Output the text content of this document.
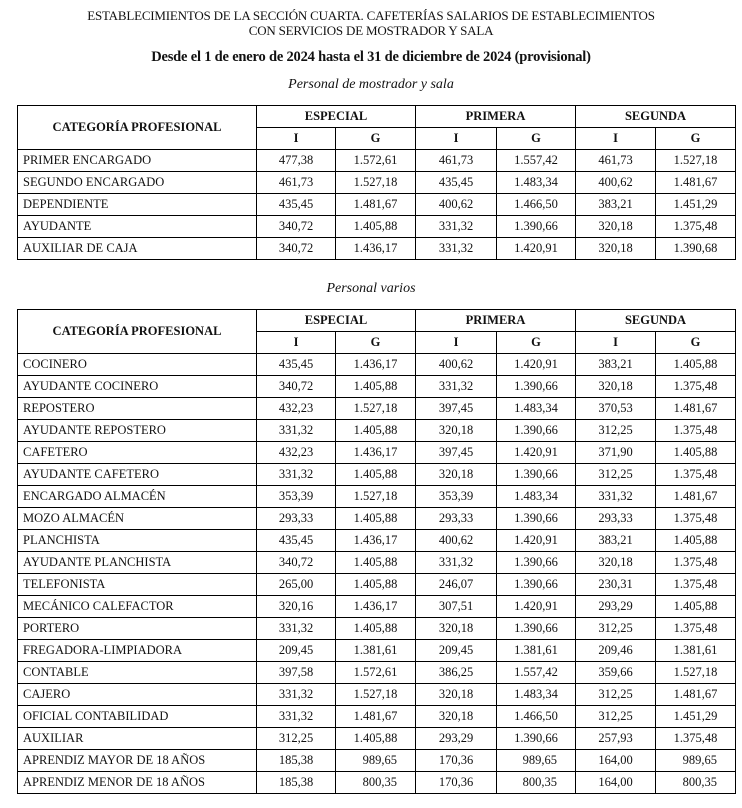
ESTABLECIMIENTOS DE LA SECCIÓN CUARTA. CAFETERÍAS SALARIOS DE ESTABLECIMIENTOS
CON SERVICIOS DE MOSTRADOR Y SALA
Desde el 1 de enero de 2024 hasta el 31 de diciembre de 2024 (provisional)
Personal de mostrador y sala
CATEGORÍA PROFESIONAL	ESPECIAL		PRIMERA		SEGUNDA	
	I	G	I	G	I	G
PRIMER ENCARGADO	477,38	1.572,61	461,73	1.557,42	461,73	1.527,18
SEGUNDO ENCARGADO	461,73	1.527,18	435,45	1.483,34	400,62	1.481,67
DEPENDIENTE	435,45	1.481,67	400,62	1.466,50	383,21	1.451,29
AYUDANTE	340,72	1.405,88	331,32	1.390,66	320,18	1.375,48
AUXILIAR DE CAJA	340,72	1.436,17	331,32	1.420,91	320,18	1.390,68
Personal varios
CATEGORÍA PROFESIONAL	ESPECIAL		PRIMERA		SEGUNDA	
	I	G	I	G	I	G
COCINERO	435,45	1.436,17	400,62	1.420,91	383,21	1.405,88
AYUDANTE COCINERO	340,72	1.405,88	331,32	1.390,66	320,18	1.375,48
REPOSTERO	432,23	1.527,18	397,45	1.483,34	370,53	1.481,67
AYUDANTE REPOSTERO	331,32	1.405,88	320,18	1.390,66	312,25	1.375,48
CAFETERO	432,23	1.436,17	397,45	1.420,91	371,90	1.405,88
AYUDANTE CAFETERO	331,32	1.405,88	320,18	1.390,66	312,25	1.375,48
ENCARGADO ALMACÉN	353,39	1.527,18	353,39	1.483,34	331,32	1.481,67
MOZO ALMACÉN	293,33	1.405,88	293,33	1.390,66	293,33	1.375,48
PLANCHISTA	435,45	1.436,17	400,62	1.420,91	383,21	1.405,88
AYUDANTE PLANCHISTA	340,72	1.405,88	331,32	1.390,66	320,18	1.375,48
TELEFONISTA	265,00	1.405,88	246,07	1.390,66	230,31	1.375,48
MECÁNICO CALEFACTOR	320,16	1.436,17	307,51	1.420,91	293,29	1.405,88
PORTERO	331,32	1.405,88	320,18	1.390,66	312,25	1.375,48
FREGADORA-LIMPIADORA	209,45	1.381,61	209,45	1.381,61	209,46	1.381,61
CONTABLE	397,58	1.572,61	386,25	1.557,42	359,66	1.527,18
CAJERO	331,32	1.527,18	320,18	1.483,34	312,25	1.481,67
OFICIAL CONTABILIDAD	331,32	1.481,67	320,18	1.466,50	312,25	1.451,29
AUXILIAR	312,25	1.405,88	293,29	1.390,66	257,93	1.375,48
APRENDIZ MAYOR DE 18 AÑOS	185,38	989,65	170,36	989,65	164,00	989,65
APRENDIZ MENOR DE 18 AÑOS	185,38	800,35	170,36	800,35	164,00	800,35
